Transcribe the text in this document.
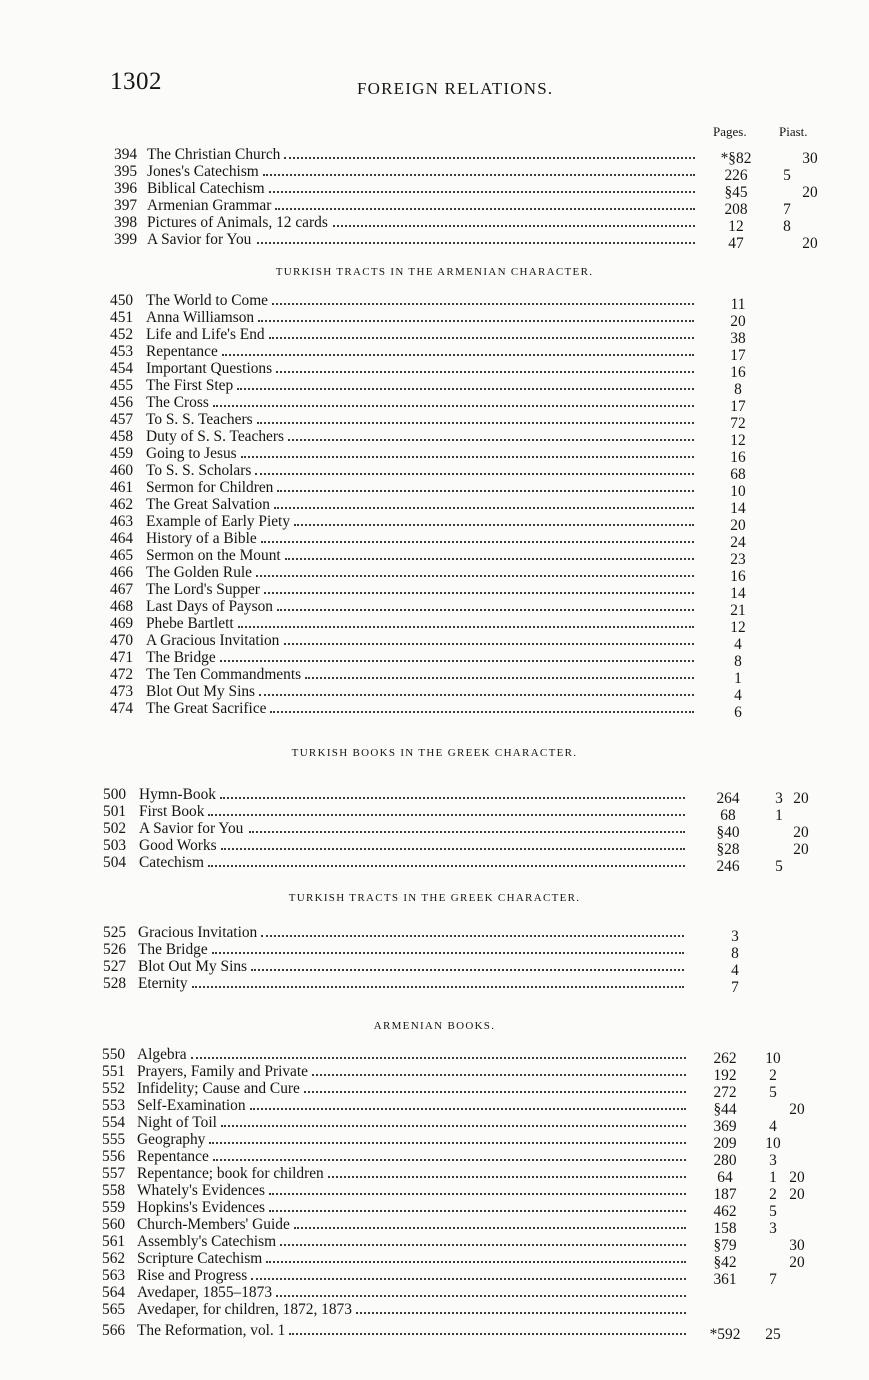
1302	FOREIGN RELATIONS.
Pages. Piast.
394 The Christian Church	*§82	30
395 Jones's Catechism	226	5
396 Biblical Catechism	§45	20
397 Armenian Grammar	208	7
398 Pictures of Animals, 12 cards	12	8
399 A Savior for You	47	20
TURKISH TRACTS IN THE ARMENIAN CHARACTER.
450 The World to Come	11
451 Anna Williamson	20
452 Life and Life's End	38
453 Repentance	17
454 Important Questions	16
455 The First Step	8
456 The Cross	17
457 To S. S. Teachers	72
458 Duty of S. S. Teachers	12
459 Going to Jesus	16
460 To S. S. Scholars	68
461 Sermon for Children	10
462 The Great Salvation	14
463 Example of Early Piety	20
464 History of a Bible	24
465 Sermon on the Mount	23
466 The Golden Rule	16
467 The Lord's Supper	14
468 Last Days of Payson	21
469 Phebe Bartlett	12
470 A Gracious Invitation	4
471 The Bridge	8
472 The Ten Commandments	1
473 Blot Out My Sins	4
474 The Great Sacrifice	6
TURKISH BOOKS IN THE GREEK CHARACTER.
500 Hymn-Book	264	3 20
501 First Book	68	1
502 A Savior for You	§40	20
503 Good Works	§28	20
504 Catechism	246	5
TURKISH TRACTS IN THE GREEK CHARACTER.
525 Gracious Invitation	3
526 The Bridge	8
527 Blot Out My Sins	4
528 Eternity	7
ARMENIAN BOOKS.
550 Algebra	262	10
551 Prayers, Family and Private	192	2
552 Infidelity; Cause and Cure	272	5
553 Self-Examination	§44	20
554 Night of Toil	369	4
555 Geography	209	10
556 Repentance	280	3
557 Repentance; book for children	64	1 20
558 Whately's Evidences	187	2 20
559 Hopkins's Evidences	462	5
560 Church-Members' Guide	158	3
561 Assembly's Catechism	§79	30
562 Scripture Catechism	§42	20
563 Rise and Progress	361	7
564 Avedaper, 1855–1873
565 Avedaper, for children, 1872, 1873
566 The Reformation, vol. 1	*592	25
